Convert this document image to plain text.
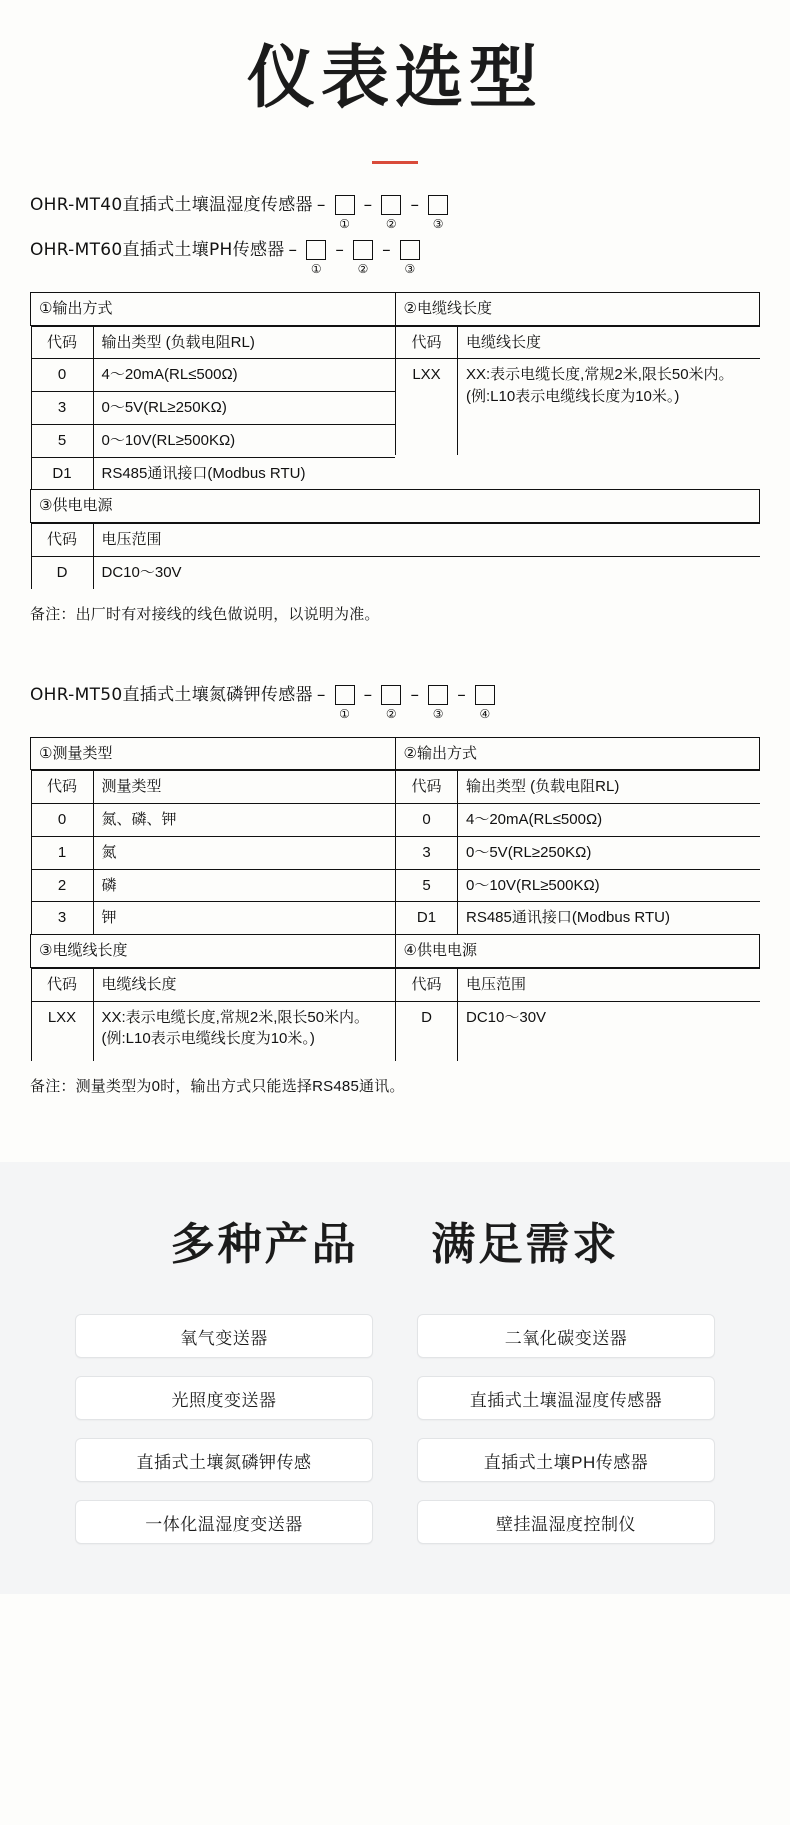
仪表选型
OHR-MT40直插式土壤温湿度传感器 –
①
–
②
–
③
OHR-MT60直插式土壤PH传感器 –
①
–
②
–
③
①输出方式	②电缆线长度

代码	输出类型 (负载电阻RL)
0	4～20mA(RL≤500Ω)
3	0～5V(RL≥250KΩ)
5	0～10V(RL≥500KΩ)
D1	RS485通讯接口(Modbus RTU)

代码	电缆线长度
LXX	XX:表示电缆长度,常规2米,限长50米内。(例:L10表示电缆线长度为10米。)

③供电电源

代码	电压范围
D	DC10～30V
备注：出厂时有对接线的线色做说明，以说明为准。
OHR-MT50直插式土壤氮磷钾传感器 –
①
–
②
–
③
–
④
①测量类型	②输出方式

代码	测量类型
0	氮、磷、钾
1	氮
2	磷
3	钾

代码	输出类型 (负载电阻RL)
0	4～20mA(RL≤500Ω)
3	0～5V(RL≥250KΩ)
5	0～10V(RL≥500KΩ)
D1	RS485通讯接口(Modbus RTU)

③电缆线长度	④供电电源

代码	电缆线长度
LXX	XX:表示电缆长度,常规2米,限长50米内。(例:L10表示电缆线长度为10米。)

代码	电压范围
D	DC10～30V
备注：测量类型为0时，输出方式只能选择RS485通讯。
多种产品 满足需求
氧气变送器	二氧化碳变送器
光照度变送器	直插式土壤温湿度传感器
直插式土壤氮磷钾传感	直插式土壤PH传感器
一体化温湿度变送器	壁挂温湿度控制仪
